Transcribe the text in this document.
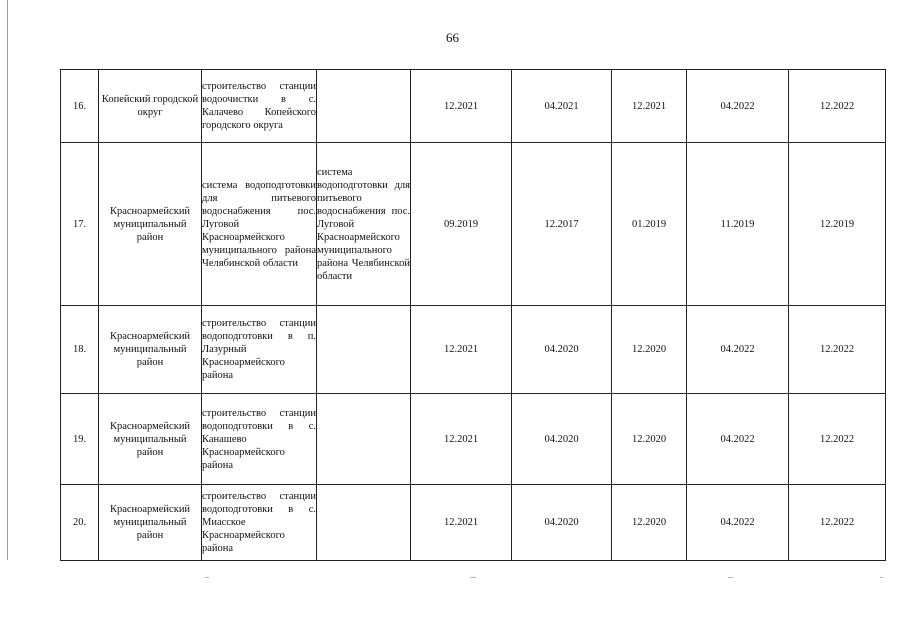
66
16.	Копейский городской округ	строительство станции водоочистки в с. Калачево Копейского городского округа		12.2021	04.2021	12.2021	04.2022	12.2022
17.	Красноармейский муниципальный район	система водоподготовки для питьевого водоснабжения пос. Луговой Красноармейского муниципального района Челябинской области	система водоподготовки для питьевого водоснабжения пос. Луговой Красноармейского муниципального района Челябинской области	09.2019	12.2017	01.2019	11.2019	12.2019
18.	Красноармейский муниципальный район	строительство станции водоподготовки в п. Лазурный Красноармейского района		12.2021	04.2020	12.2020	04.2022	12.2022
19.	Красноармейский муниципальный район	строительство станции водоподготовки в с. Канашево Красноармейского района		12.2021	04.2020	12.2020	04.2022	12.2022
20.	Красноармейский муниципальный район	строительство станции водоподготовки в с. Миасское Красноармейского района		12.2021	04.2020	12.2020	04.2022	12.2022
